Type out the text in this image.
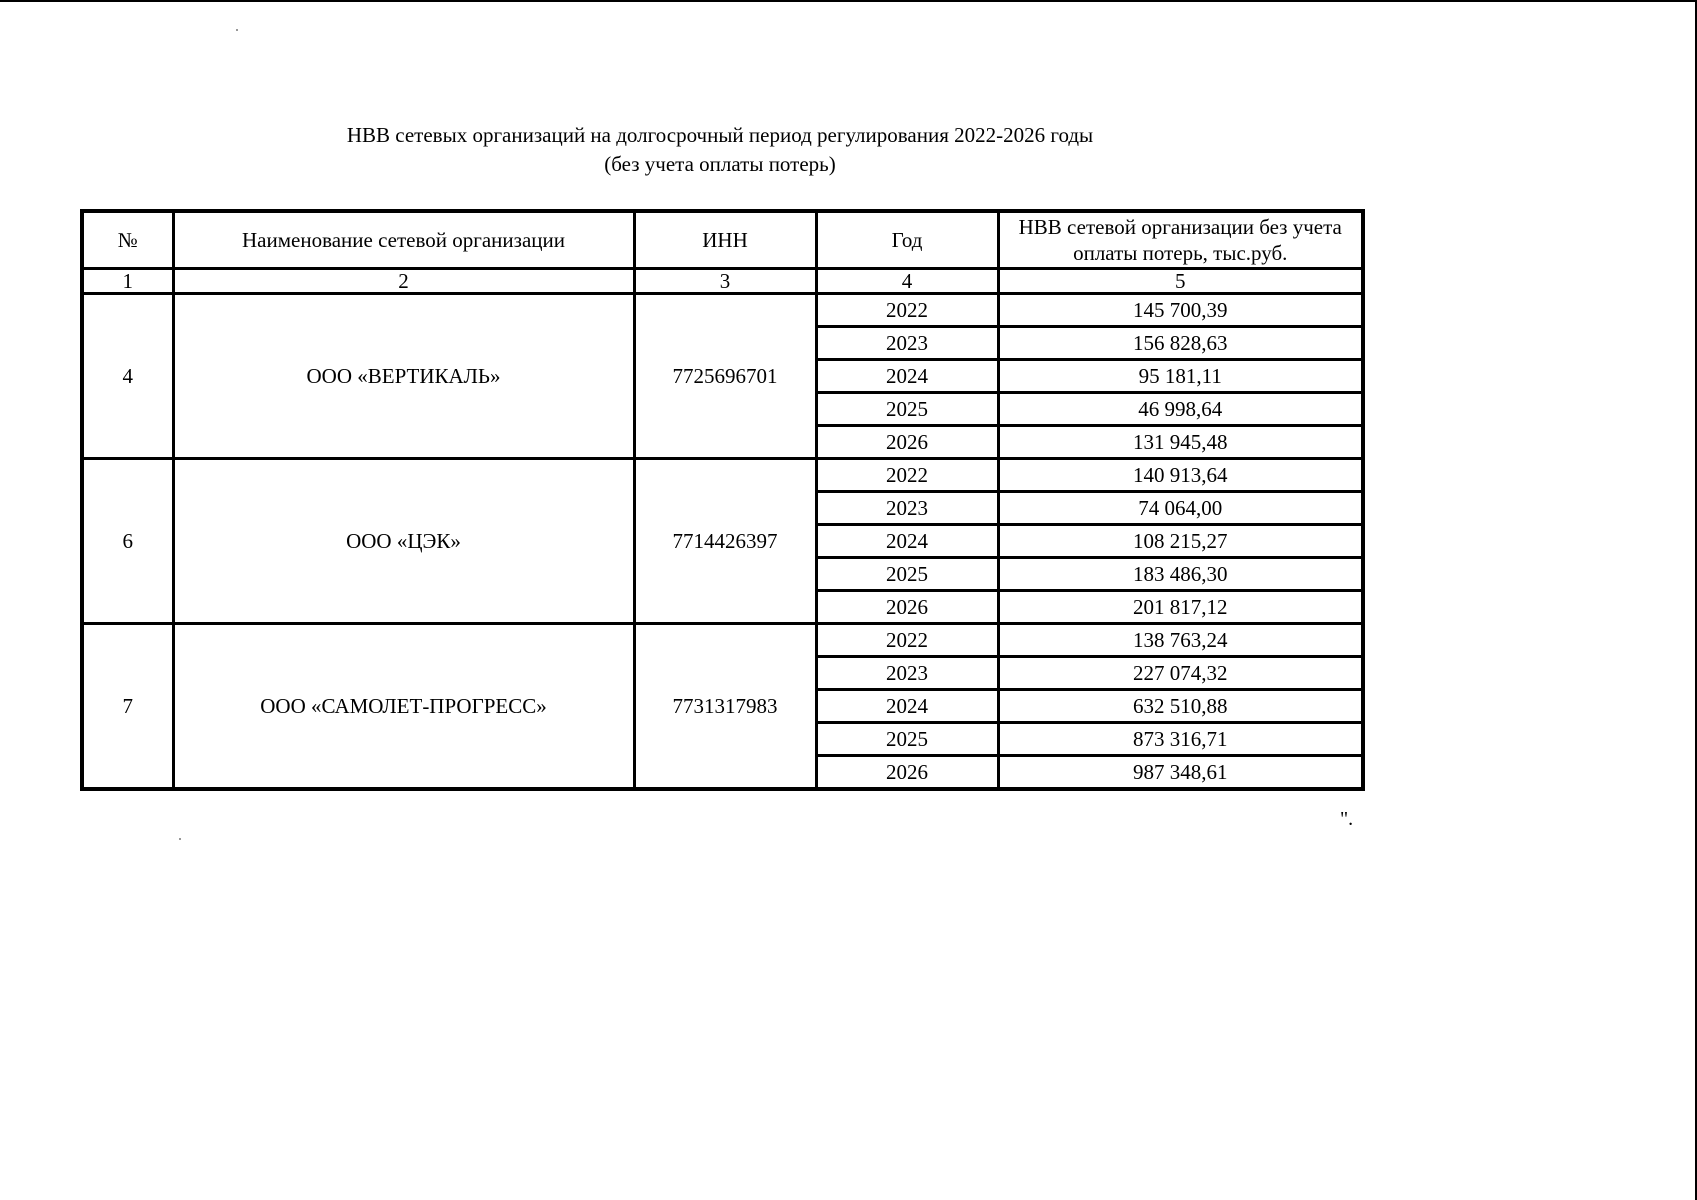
НВВ сетевых организаций на долгосрочный период регулирования 2022-2026 годы
(без учета оплаты потерь)
№	Наименование сетевой организации	ИНН	Год	НВВ сетевой организации без учета оплаты потерь, тыс.руб.
1	2	3	4	5
4	ООО «ВЕРТИКАЛЬ»	7725696701	2022	145 700,39
			2023	156 828,63
			2024	95 181,11
			2025	46 998,64
			2026	131 945,48
6	ООО «ЦЭК»	7714426397	2022	140 913,64
			2023	74 064,00
			2024	108 215,27
			2025	183 486,30
			2026	201 817,12
7	ООО «САМОЛЕТ-ПРОГРЕСС»	7731317983	2022	138 763,24
			2023	227 074,32
			2024	632 510,88
			2025	873 316,71
			2026	987 348,61
".
